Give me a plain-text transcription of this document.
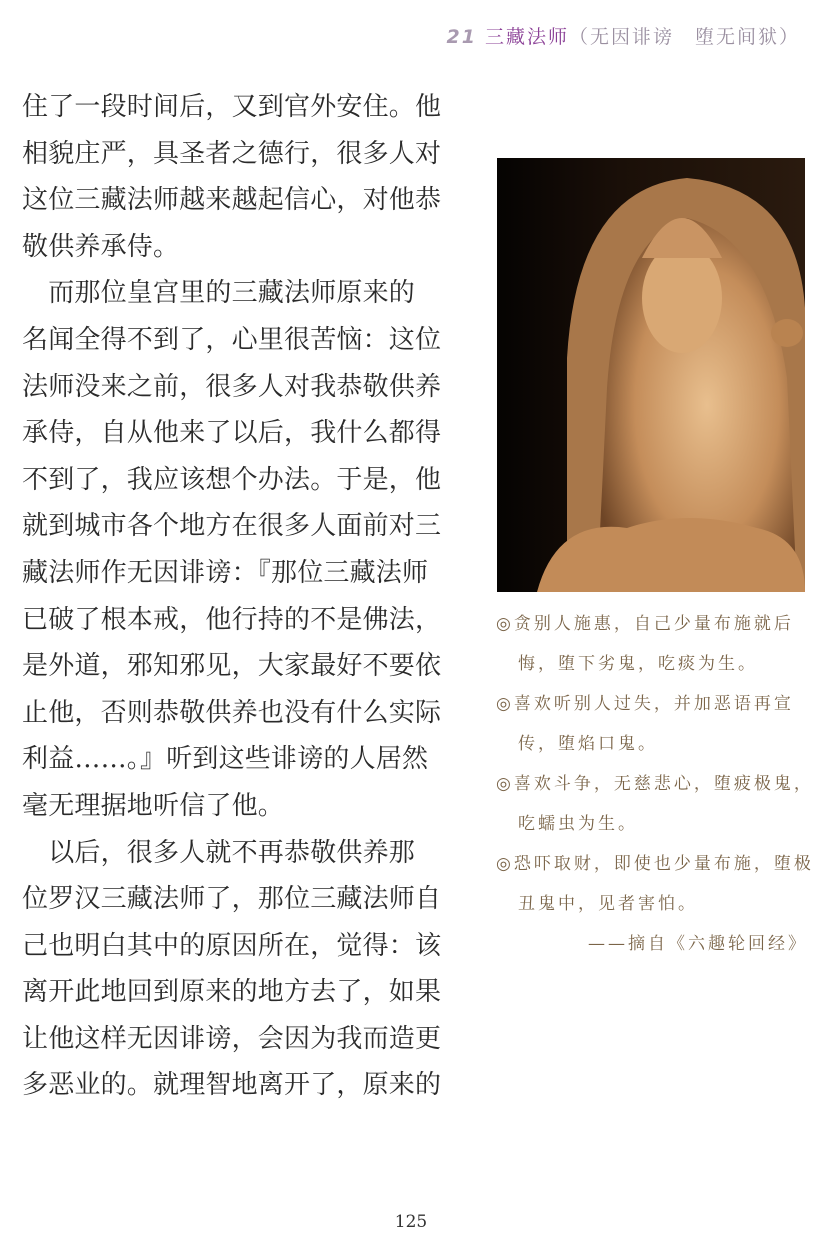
21 三藏法师（无因诽谤　堕无间狱）
住了一段时间后，又到官外安住。他
相貌庄严，具圣者之德行，很多人对
这位三藏法师越来越起信心，对他恭
敬供养承侍。
　而那位皇宫里的三藏法师原来的
名闻全得不到了，心里很苦恼：这位
法师没来之前，很多人对我恭敬供养
承侍，自从他来了以后，我什么都得
不到了，我应该想个办法。于是，他
就到城市各个地方在很多人面前对三
藏法师作无因诽谤：『那位三藏法师
已破了根本戒，他行持的不是佛法，
是外道，邪知邪见，大家最好不要依
止他，否则恭敬供养也没有什么实际
利益……。』听到这些诽谤的人居然
毫无理据地听信了他。
　以后，很多人就不再恭敬供养那
位罗汉三藏法师了，那位三藏法师自
己也明白其中的原因所在，觉得：该
离开此地回到原来的地方去了，如果
让他这样无因诽谤，会因为我而造更
多恶业的。就理智地离开了，原来的
◎贪别人施惠，自己少量布施就后
悔，堕下劣鬼，吃痰为生。
◎喜欢听别人过失，并加恶语再宣
传，堕焰口鬼。
◎喜欢斗争，无慈悲心，堕疲极鬼，
吃蠕虫为生。
◎恐吓取财，即使也少量布施，堕极
丑鬼中，见者害怕。
——摘自《六趣轮回经》
125
